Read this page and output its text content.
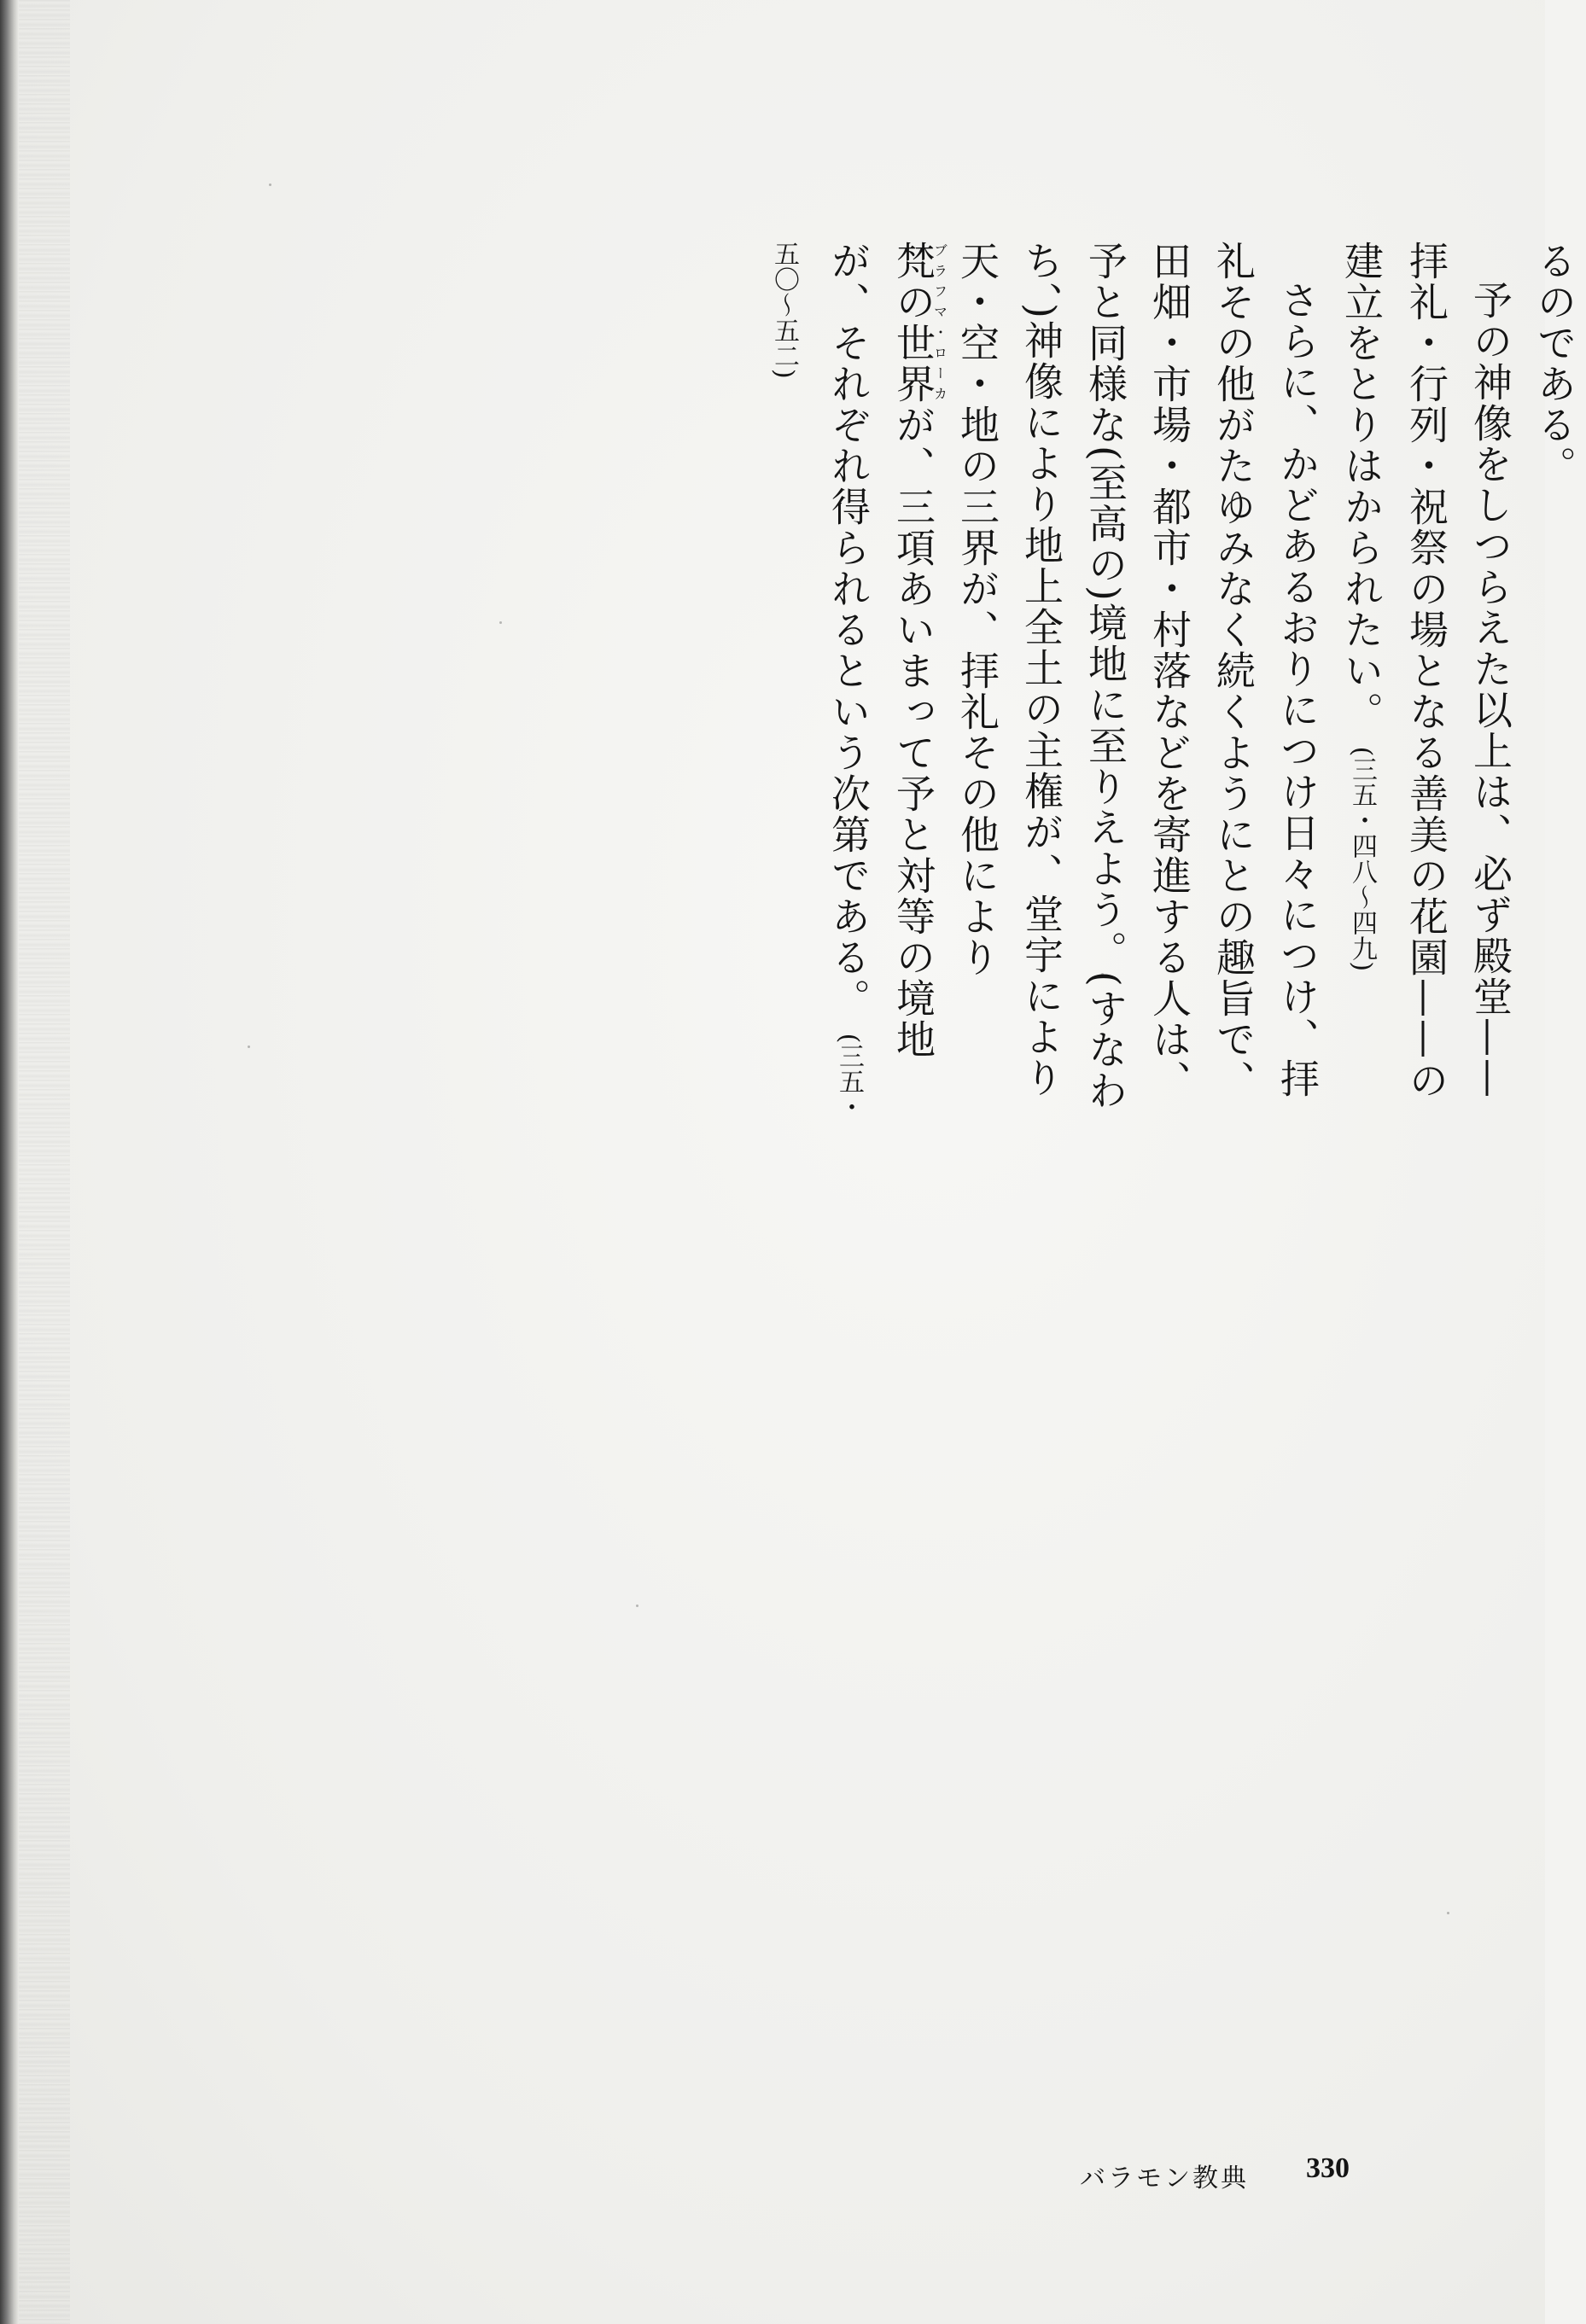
るのである。

予の神像をしつらえた以上は、必ず殿堂——拝礼・行列・祝祭の場となる善美の花園——の建立をとりはかられたい。 (三五・四八〜四九)

さらに、かどあるおりにつけ日々につけ、拝礼その他がたゆみなく続くようにとの趣旨で、田畑・市場・都市・村落などを寄進する人は、予と同様な(至高の)境地に至りえよう。(すなわち、)神像により地上全土の主権が、堂宇により天・空・地の三界が、拝礼その他により梵の世界ブラフマ・ローカが、三項あいまって予と対等の境地が、それぞれ得られるという次第である。 (三五・五〇〜五二)

バラモン教典 330
